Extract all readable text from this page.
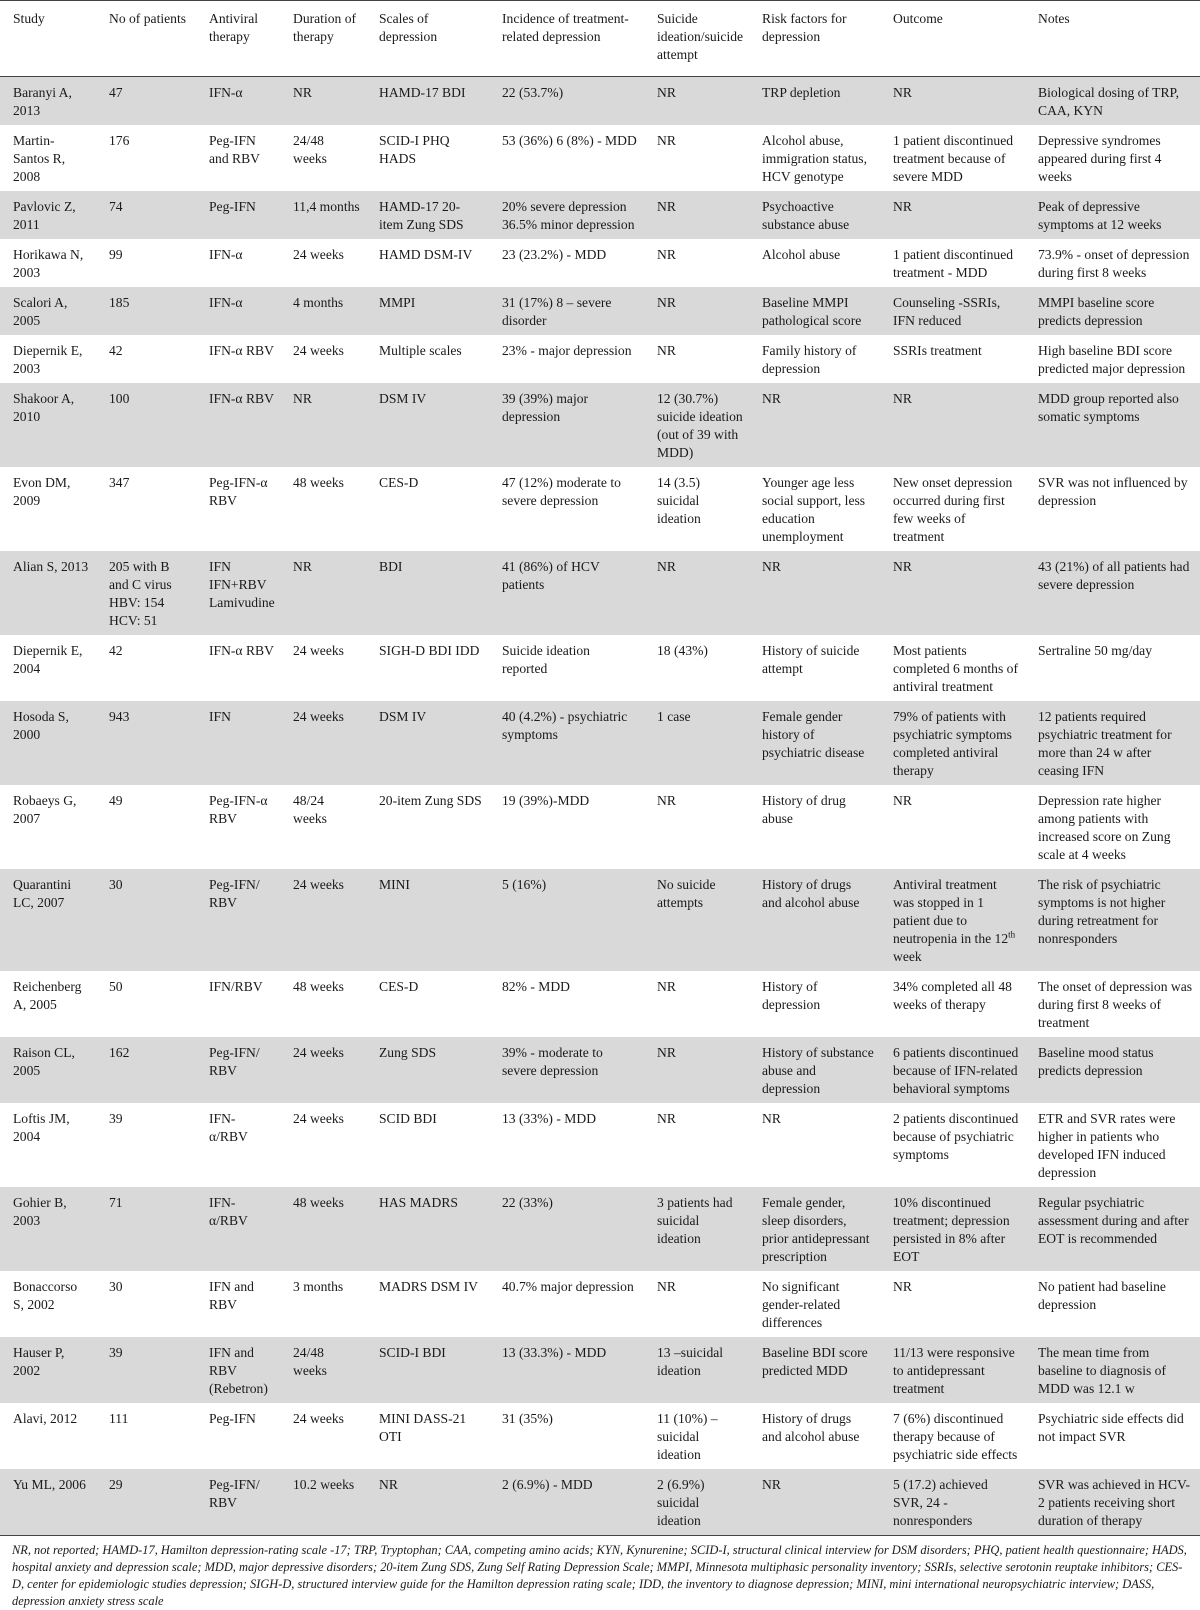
Study	No of patients	Antiviral therapy	Duration of therapy	Scales of depression	Incidence of treatment-related depression	Suicide ideation/suicide attempt	Risk factors for depression	Outcome	Notes
Baranyi A, 2013	47	IFN-α	NR	HAMD-17 BDI	22 (53.7%)	NR	TRP depletion	NR	Biological dosing of TRP, CAA, KYN
Martin-Santos R, 2008	176	Peg-IFN and RBV	24/48 weeks	SCID-I PHQ HADS	53 (36%) 6 (8%) - MDD	NR	Alcohol abuse, immigration status, HCV genotype	1 patient discontinued treatment because of severe MDD	Depressive syndromes appeared during first 4 weeks
Pavlovic Z, 2011	74	Peg-IFN	11,4 months	HAMD-17 20-item Zung SDS	20% severe depression 36.5% minor depression	NR	Psychoactive substance abuse	NR	Peak of depressive symptoms at 12 weeks
Horikawa N, 2003	99	IFN-α	24 weeks	HAMD DSM-IV	23 (23.2%) - MDD	NR	Alcohol abuse	1 patient discontinued treatment - MDD	73.9% - onset of depression during first 8 weeks
Scalori A, 2005	185	IFN-α	4 months	MMPI	31 (17%) 8 – severe disorder	NR	Baseline MMPI pathological score	Counseling -SSRIs, IFN reduced	MMPI baseline score predicts depression
Diepernik E, 2003	42	IFN-α RBV	24 weeks	Multiple scales	23% - major depression	NR	Family history of depression	SSRIs treatment	High baseline BDI score predicted major depression
Shakoor A, 2010	100	IFN-α RBV	NR	DSM IV	39 (39%) major depression	12 (30.7%) suicide ideation (out of 39 with MDD)	NR	NR	MDD group reported also somatic symptoms
Evon DM, 2009	347	Peg-IFN-α RBV	48 weeks	CES-D	47 (12%) moderate to severe depression	14 (3.5) suicidal ideation	Younger age less social support, less education unemployment	New onset depression occurred during first few weeks of treatment	SVR was not influenced by depression
Alian S, 2013	205 with B and C virus HBV: 154 HCV: 51	IFN IFN+RBV Lamivudine	NR	BDI	41 (86%) of HCV patients	NR	NR	NR	43 (21%) of all patients had severe depression
Diepernik E, 2004	42	IFN-α RBV	24 weeks	SIGH-D BDI IDD	Suicide ideation reported	18 (43%)	History of suicide attempt	Most patients completed 6 months of antiviral treatment	Sertraline 50 mg/day
Hosoda S, 2000	943	IFN	24 weeks	DSM IV	40 (4.2%) - psychiatric symptoms	1 case	Female gender history of psychiatric disease	79% of patients with psychiatric symptoms completed antiviral therapy	12 patients required psychiatric treatment for more than 24 w after ceasing IFN
Robaeys G, 2007	49	Peg-IFN-α RBV	48/24 weeks	20-item Zung SDS	19 (39%)-MDD	NR	History of drug abuse	NR	Depression rate higher among patients with increased score on Zung scale at 4 weeks
Quarantini LC, 2007	30	Peg-IFN/ RBV	24 weeks	MINI	5 (16%)	No suicide attempts	History of drugs and alcohol abuse	Antiviral treatment was stopped in 1 patient due to neutropenia in the 12th week	The risk of psychiatric symptoms is not higher during retreatment for nonresponders
Reichenberg A, 2005	50	IFN/RBV	48 weeks	CES-D	82% - MDD	NR	History of depression	34% completed all 48 weeks of therapy	The onset of depression was during first 8 weeks of treatment
Raison CL, 2005	162	Peg-IFN/ RBV	24 weeks	Zung SDS	39% - moderate to severe depression	NR	History of substance abuse and depression	6 patients discontinued because of IFN-related behavioral symptoms	Baseline mood status predicts depression
Loftis JM, 2004	39	IFN-α/RBV	24 weeks	SCID BDI	13 (33%) - MDD	NR	NR	2 patients discontinued because of psychiatric symptoms	ETR and SVR rates were higher in patients who developed IFN induced depression
Gohier B, 2003	71	IFN-α/RBV	48 weeks	HAS MADRS	22 (33%)	3 patients had suicidal ideation	Female gender, sleep disorders, prior antidepressant prescription	10% discontinued treatment; depression persisted in 8% after EOT	Regular psychiatric assessment during and after EOT is recommended
Bonaccorso S, 2002	30	IFN and RBV	3 months	MADRS DSM IV	40.7% major depression	NR	No significant gender-related differences	NR	No patient had baseline depression
Hauser P, 2002	39	IFN and RBV (Rebetron)	24/48 weeks	SCID-I BDI	13 (33.3%) - MDD	13 –suicidal ideation	Baseline BDI score predicted MDD	11/13 were responsive to antidepressant treatment	The mean time from baseline to diagnosis of MDD was 12.1 w
Alavi, 2012	111	Peg-IFN	24 weeks	MINI DASS-21 OTI	31 (35%)	11 (10%) – suicidal ideation	History of drugs and alcohol abuse	7 (6%) discontinued therapy because of psychiatric side effects	Psychiatric side effects did not impact SVR
Yu ML, 2006	29	Peg-IFN/ RBV	10.2 weeks	NR	2 (6.9%) - MDD	2 (6.9%) suicidal ideation	NR	5 (17.2) achieved SVR, 24 - nonresponders	SVR was achieved in HCV- 2 patients receiving short duration of therapy
NR, not reported; HAMD-17, Hamilton depression-rating scale -17; TRP, Tryptophan; CAA, competing amino acids; KYN, Kynurenine; SCID-I, structural clinical interview for DSM disorders; PHQ, patient health questionnaire; HADS, hospital anxiety and depression scale; MDD, major depressive disorders; 20-item Zung SDS, Zung Self Rating Depression Scale; MMPI, Minnesota multiphasic personality inventory; SSRIs, selective serotonin reuptake inhibitors; CES-D, center for epidemiologic studies depression; SIGH-D, structured interview guide for the Hamilton depression rating scale; IDD, the inventory to diagnose depression; MINI, mini international neuropsychiatric interview; DASS, depression anxiety stress scale
